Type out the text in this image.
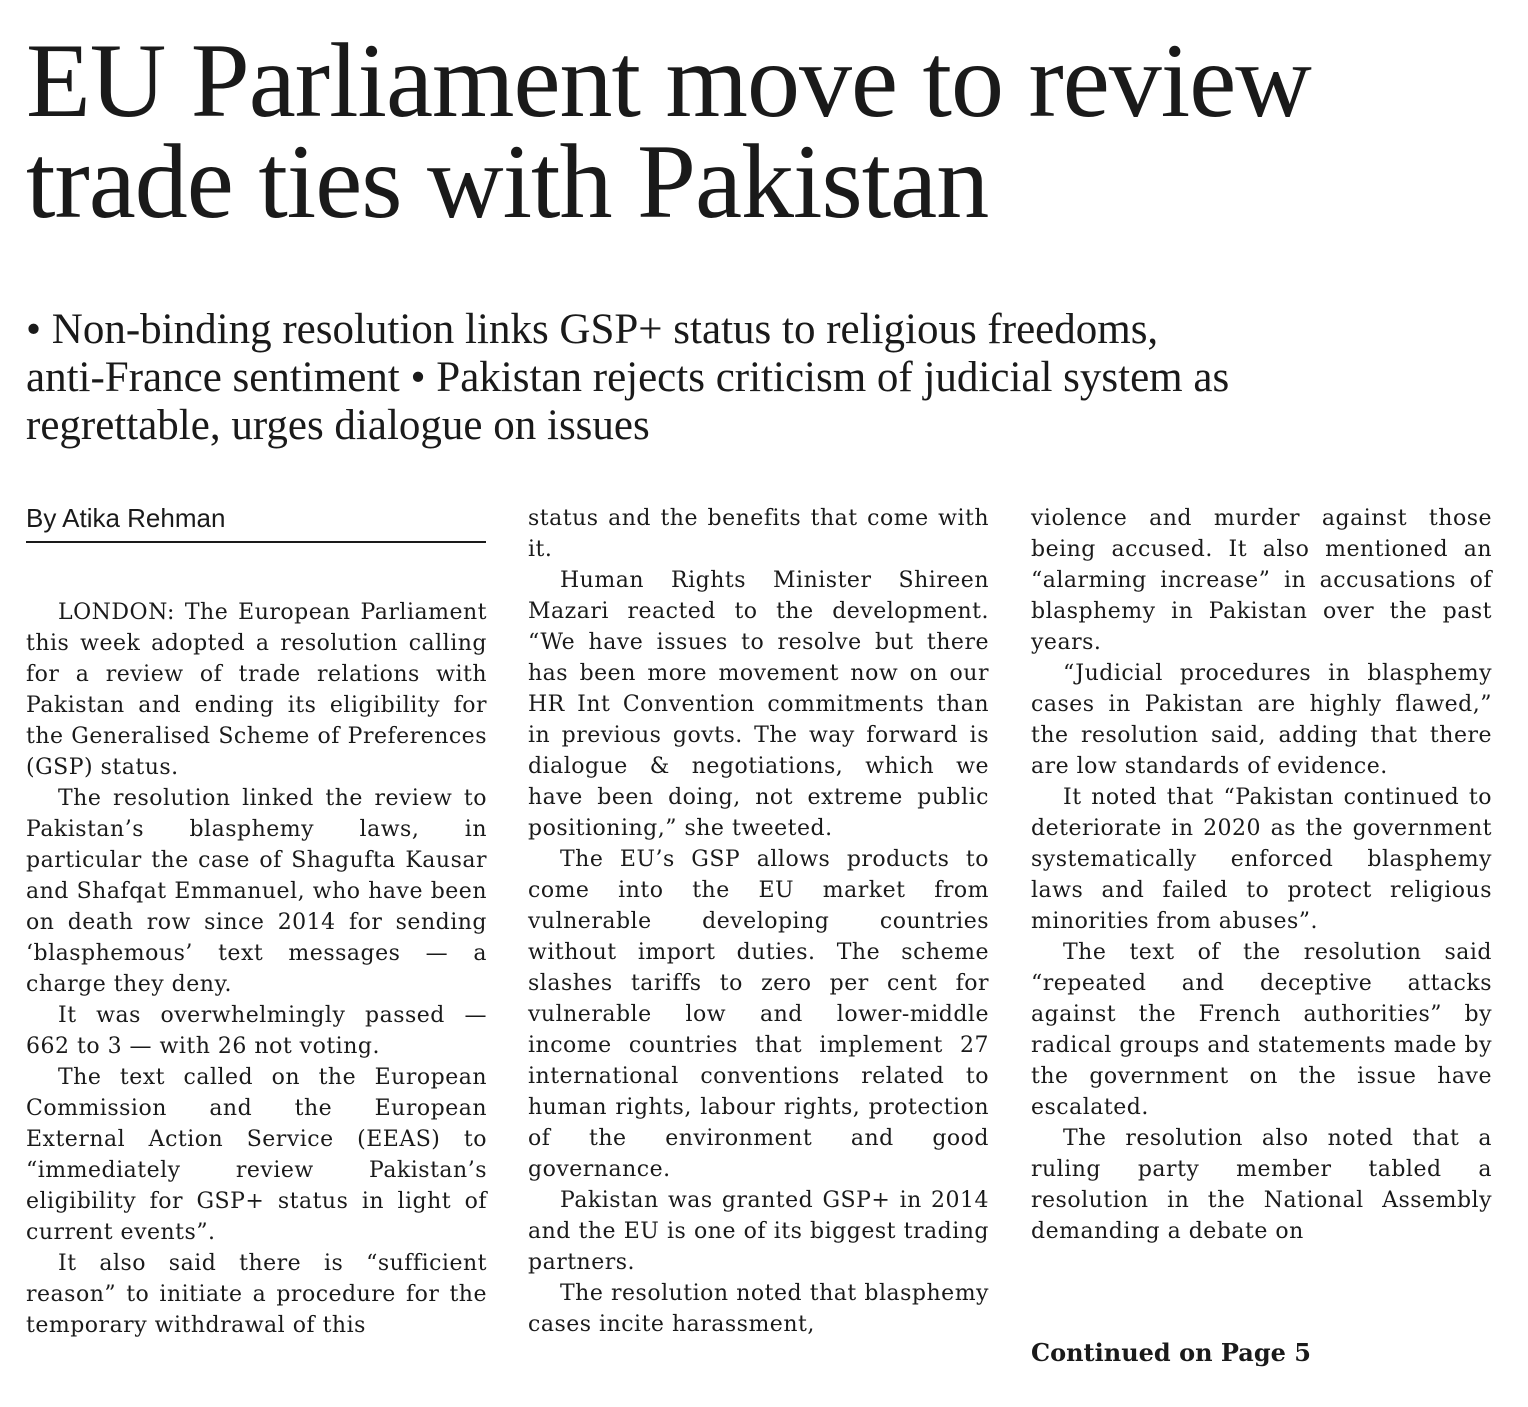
EU Parliament move to review
trade ties with Pakistan
• Non-binding resolution links GSP+ status to religious freedoms,
anti-France sentiment • Pakistan rejects criticism of judicial system as
regrettable, urges dialogue on issues
By Atika Rehman

LONDON: The European Parliament this week adopted a resolution calling for a review of trade relations with Pakistan and ending its eligibility for the Generalised Scheme of Preferences (GSP) status.

The resolution linked the review to Pakistan’s blasphemy laws, in particular the case of Shagufta Kausar and Shafqat Emmanuel, who have been on death row since 2014 for sending ‘blasphemous’ text messages — a charge they deny.

It was overwhelmingly passed — 662 to 3 — with 26 not voting.

The text called on the European Commission and the European External Action Service (EEAS) to “immediately review Pakistan’s eligibility for GSP+ status in light of current events”.

It also said there is “sufficient reason” to initiate a procedure for the temporary withdrawal of this

status and the benefits that come with it.

Human Rights Minister Shireen Mazari reacted to the development. “We have issues to resolve but there has been more movement now on our HR Int Convention commitments than in previous govts. The way forward is dialogue & negotiations, which we have been doing, not extreme public positioning,” she tweeted.

The EU’s GSP allows products to come into the EU market from vulnerable developing countries without import duties. The scheme slashes tariffs to zero per cent for vulnerable low and lower-middle income countries that implement 27 international conventions related to human rights, labour rights, protection of the environment and good governance.

Pakistan was granted GSP+ in 2014 and the EU is one of its biggest trading partners.

The resolution noted that blasphemy cases incite harassment,

violence and murder against those being accused. It also mentioned an “alarming increase” in accusations of blasphemy in Pakistan over the past years.

“Judicial procedures in blasphemy cases in Pakistan are highly flawed,” the resolution said, adding that there are low standards of evidence.

It noted that “Pakistan continued to deteriorate in 2020 as the government systematically enforced blasphemy laws and failed to protect religious minorities from abuses”.

The text of the resolution said “repeated and deceptive attacks against the French authorities” by radical groups and statements made by the government on the issue have escalated.

The resolution also noted that a ruling party member tabled a resolution in the National Assembly demanding a debate on

Continued on Page 5
